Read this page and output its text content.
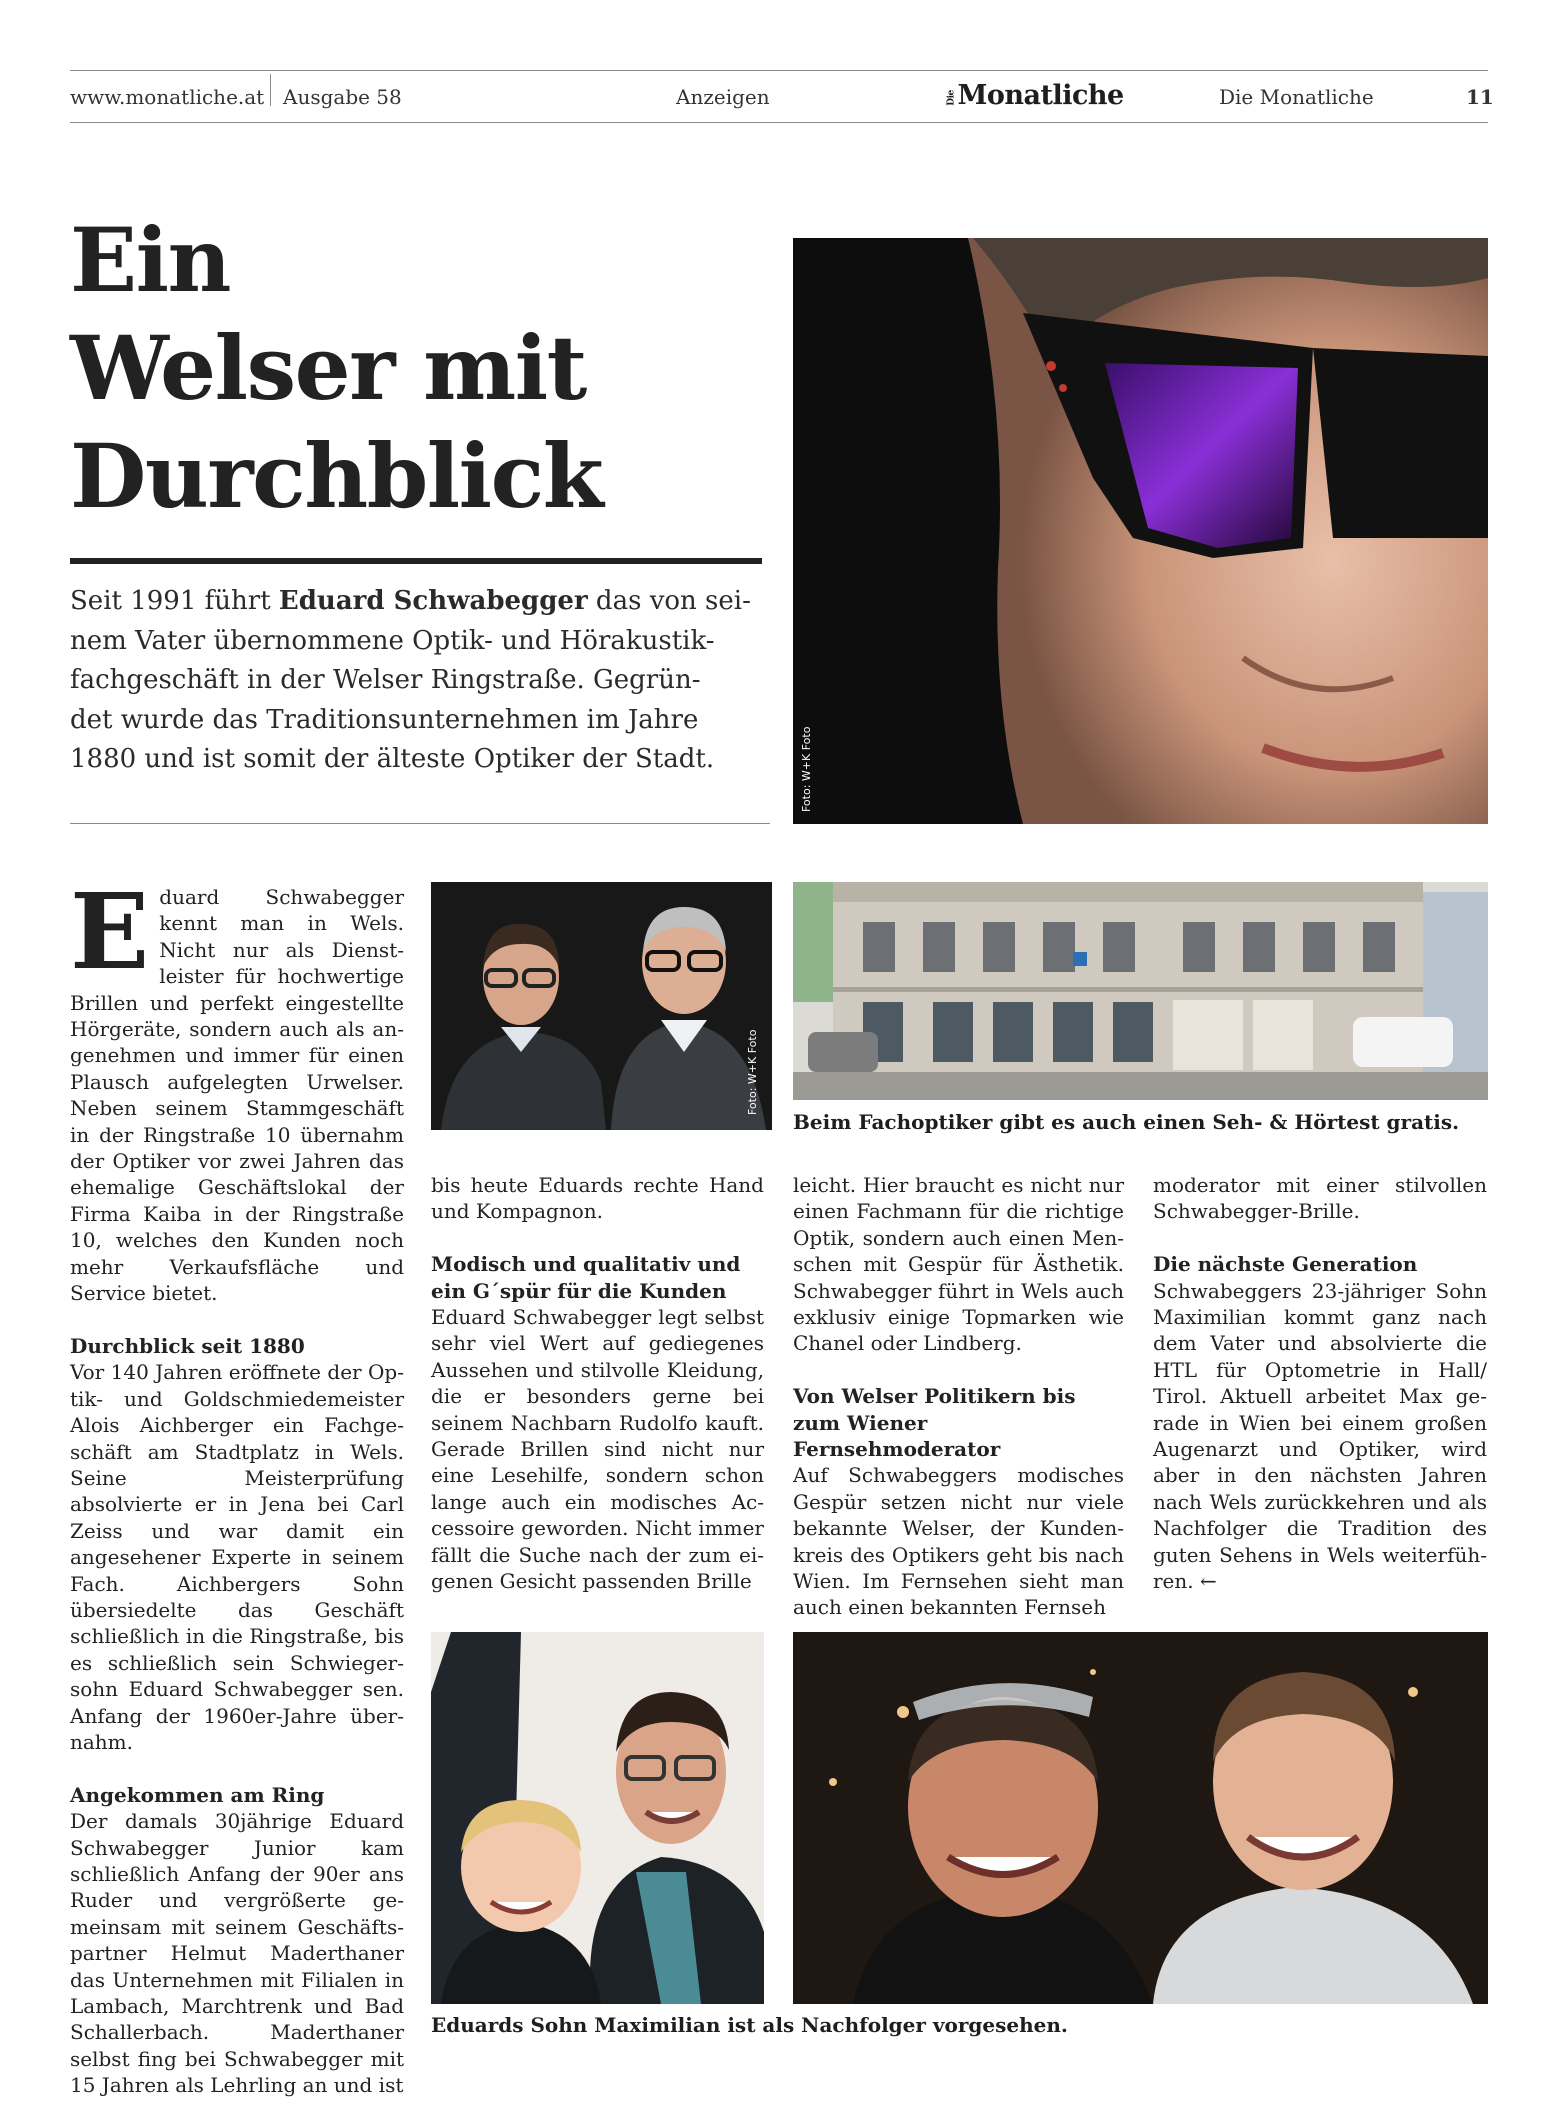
www.monatliche.at Ausgabe 58	Anzeigen	DieMonatliche	Die Monatliche	11
Ein
Welser mit
Durchblick
Seit 1991 führt Eduard Schwabegger das von sei-
nem Vater übernommene Optik- und Hörakustik-
fachgeschäft in der Welser Ringstraße. Gegrün-
det wurde das Traditionsunternehmen im Jahre
1880 und ist somit der älteste Optiker der Stadt.	Foto: W+K Foto
Foto: W+K Foto
Beim Fachoptiker gibt es auch einen Seh- & Hörtest gratis.
E duard Schwabegger kennt man in Wels. Nicht nur als Dienstleister für hochwertige Brillen und perfekt eingestellte Hörgeräte, sondern auch als angenehmen und immer für einen Plausch aufgelegten Urwelser. Neben seinem Stammgeschäft in der Ringstraße 10 übernahm der Optiker vor zwei Jahren das ehemalige Geschäftslokal der Firma Kaiba in der Ringstraße 10, welches den Kunden noch mehr Verkaufsfläche und Service bietet.

Durchblick seit 1880

Vor 140 Jahren eröffnete der Optik- und Goldschmiedemeister Alois Aichberger ein Fachgeschäft am Stadtplatz in Wels. Seine Meisterprüfung absolvierte er in Jena bei Carl Zeiss und war damit ein angesehener Experte in seinem Fach. Aichbergers Sohn übersiedelte das Geschäft schließlich in die Ringstraße, bis es schließlich sein Schwiegersohn Eduard Schwabegger sen. Anfang der 1960er-Jahre übernahm.

Angekommen am Ring

Der damals 30jährige Eduard Schwabegger Junior kam schließlich Anfang der 90er ans Ruder und vergrößerte gemeinsam mit seinem Geschäftspartner Helmut Maderthaner das Unternehmen mit Filialen in Lambach, Marchtrenk und Bad Schallerbach. Maderthaner selbst fing bei Schwabegger mit 15 Jahren als Lehrling an und ist

bis heute Eduards rechte Hand und Kompagnon.

Modisch und qualitativ und ein G´spür für die Kunden

Eduard Schwabegger legt selbst sehr viel Wert auf gediegenes Aussehen und stilvolle Kleidung, die er besonders gerne bei seinem Nachbarn Rudolfo kauft. Gerade Brillen sind nicht nur eine Lesehilfe, sondern schon lange auch ein modisches Accessoire geworden. Nicht immer fällt die Suche nach der zum eigenen Gesicht passenden Brille

leicht. Hier braucht es nicht nur einen Fachmann für die richtige Optik, sondern auch einen Menschen mit Gespür für Ästhetik. Schwabegger führt in Wels auch exklusiv einige Topmarken wie Chanel oder Lindberg.

Von Welser Politikern bis zum Wiener Fernsehmoderator

Auf Schwabeggers modisches Gespür setzen nicht nur viele bekannte Welser, der Kundenkreis des Optikers geht bis nach Wien. Im Fernsehen sieht man auch einen bekannten Fernseh

moderator mit einer stilvollen Schwabegger-Brille.

Die nächste Generation

Schwabeggers 23-jähriger Sohn Maximilian kommt ganz nach dem Vater und absolvierte die HTL für Optometrie in Hall/ Tirol. Aktuell arbeitet Max gerade in Wien bei einem großen Augenarzt und Optiker, wird aber in den nächsten Jahren nach Wels zurückkehren und als Nachfolger die Tradition des guten Sehens in Wels weiterführen. ←

Eduards Sohn Maximilian ist als Nachfolger vorgesehen.
